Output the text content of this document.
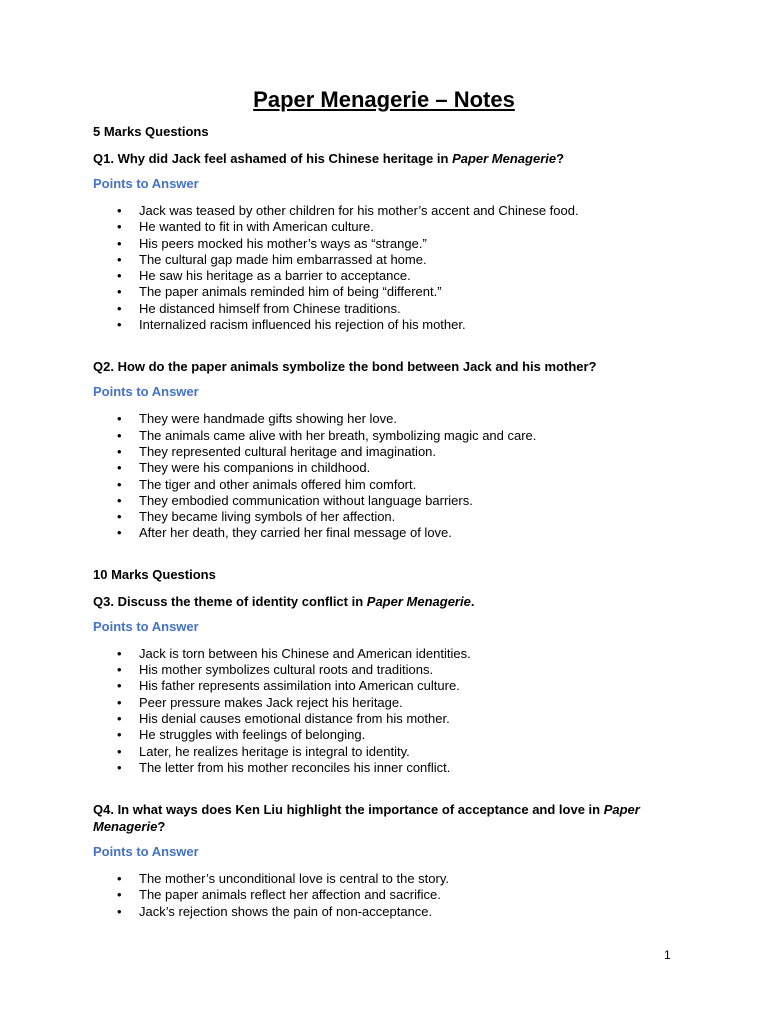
Paper Menagerie – Notes
5 Marks Questions
Q1. Why did Jack feel ashamed of his Chinese heritage in Paper Menagerie?
Points to Answer
• Jack was teased by other children for his mother’s accent and Chinese food.
• He wanted to fit in with American culture.
• His peers mocked his mother’s ways as “strange.”
• The cultural gap made him embarrassed at home.
• He saw his heritage as a barrier to acceptance.
• The paper animals reminded him of being “different.”
• He distanced himself from Chinese traditions.
• Internalized racism influenced his rejection of his mother.
Q2. How do the paper animals symbolize the bond between Jack and his mother?
Points to Answer
• They were handmade gifts showing her love.
• The animals came alive with her breath, symbolizing magic and care.
• They represented cultural heritage and imagination.
• They were his companions in childhood.
• The tiger and other animals offered him comfort.
• They embodied communication without language barriers.
• They became living symbols of her affection.
• After her death, they carried her final message of love.
10 Marks Questions
Q3. Discuss the theme of identity conflict in Paper Menagerie.
Points to Answer
• Jack is torn between his Chinese and American identities.
• His mother symbolizes cultural roots and traditions.
• His father represents assimilation into American culture.
• Peer pressure makes Jack reject his heritage.
• His denial causes emotional distance from his mother.
• He struggles with feelings of belonging.
• Later, he realizes heritage is integral to identity.
• The letter from his mother reconciles his inner conflict.
Q4. In what ways does Ken Liu highlight the importance of acceptance and love in Paper Menagerie?
Points to Answer
• The mother’s unconditional love is central to the story.
• The paper animals reflect her affection and sacrifice.
• Jack’s rejection shows the pain of non-acceptance.
1
